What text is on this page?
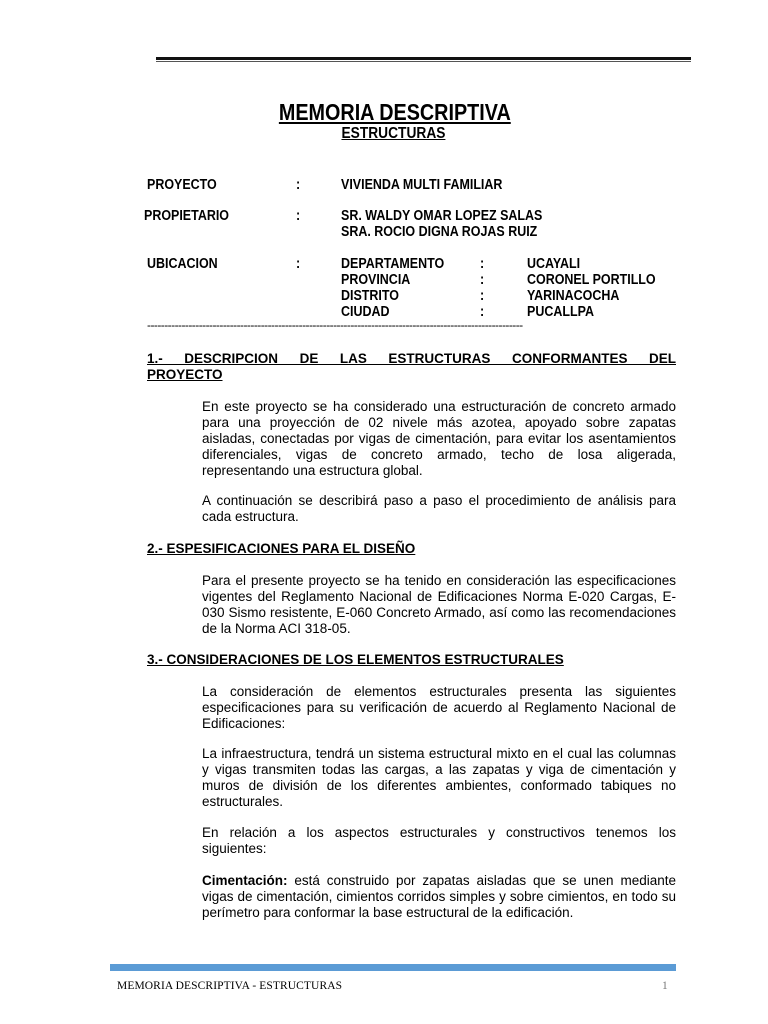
MEMORIA DESCRIPTIVA
ESTRUCTURAS
PROYECTO	:	VIVIENDA MULTI FAMILIAR
PROPIETARIO	:	SR. WALDY OMAR LOPEZ SALAS
SRA. ROCIO DIGNA ROJAS RUIZ
UBICACION	:	DEPARTAMENTO :	UCAYALI
PROVINCIA	:	CORONEL PORTILLO
DISTRITO	:	YARINACOCHA
CIUDAD	:	PUCALLPA
-------------------------------------------------------------------------------------------------------------
1.- DESCRIPCION DE LAS ESTRUCTURAS CONFORMANTES DEL
PROYECTO
En este proyecto se ha considerado una estructuración de concreto armado para una proyección de 02 nivele más azotea, apoyado sobre zapatas aisladas, conectadas por vigas de cimentación, para evitar los asentamientos diferenciales, vigas de concreto armado, techo de losa aligerada, representando una estructura global.
A continuación se describirá paso a paso el procedimiento de análisis para cada estructura.
2.- ESPESIFICACIONES PARA EL DISEÑO
Para el presente proyecto se ha tenido en consideración las especificaciones vigentes del Reglamento Nacional de Edificaciones Norma E-020 Cargas, E-030 Sismo resistente, E-060 Concreto Armado, así como las recomendaciones de la Norma ACI 318-05.
3.- CONSIDERACIONES DE LOS ELEMENTOS ESTRUCTURALES
La consideración de elementos estructurales presenta las siguientes especificaciones para su verificación de acuerdo al Reglamento Nacional de Edificaciones:
La infraestructura, tendrá un sistema estructural mixto en el cual las columnas y vigas transmiten todas las cargas, a las zapatas y viga de cimentación y muros de división de los diferentes ambientes, conformado tabiques no estructurales.
En relación a los aspectos estructurales y constructivos tenemos los siguientes:
Cimentación: está construido por zapatas aisladas que se unen mediante vigas de cimentación, cimientos corridos simples y sobre cimientos, en todo su perímetro para conformar la base estructural de la edificación.
MEMORIA DESCRIPTIVA - ESTRUCTURAS	1
